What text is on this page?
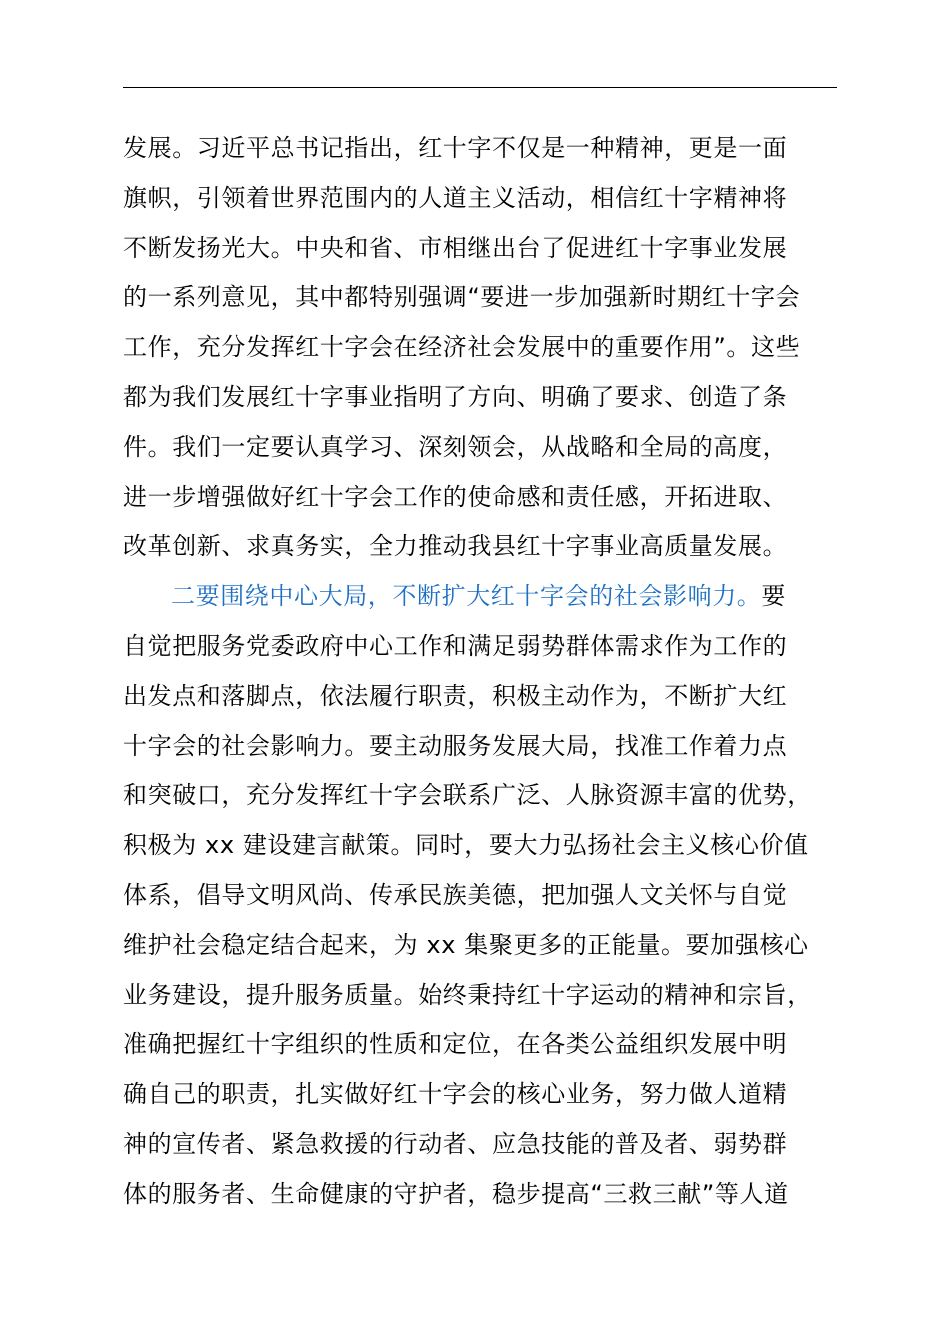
发展。习近平总书记指出，红十字不仅是一种精神，更是一面
旗帜，引领着世界范围内的人道主义活动，相信红十字精神将
不断发扬光大。中央和省、市相继出台了促进红十字事业发展
的一系列意见，其中都特别强调“要进一步加强新时期红十字会
工作，充分发挥红十字会在经济社会发展中的重要作用”。这些
都为我们发展红十字事业指明了方向、明确了要求、创造了条
件。我们一定要认真学习、深刻领会，从战略和全局的高度，
进一步增强做好红十字会工作的使命感和责任感，开拓进取、
改革创新、求真务实，全力推动我县红十字事业高质量发展。
二要围绕中心大局，不断扩大红十字会的社会影响力。要
自觉把服务党委政府中心工作和满足弱势群体需求作为工作的
出发点和落脚点，依法履行职责，积极主动作为，不断扩大红
十字会的社会影响力。要主动服务发展大局，找准工作着力点
和突破口，充分发挥红十字会联系广泛、人脉资源丰富的优势，
积极为 xx 建设建言献策。同时，要大力弘扬社会主义核心价值
体系，倡导文明风尚、传承民族美德，把加强人文关怀与自觉
维护社会稳定结合起来，为 xx 集聚更多的正能量。要加强核心
业务建设，提升服务质量。始终秉持红十字运动的精神和宗旨，
准确把握红十字组织的性质和定位，在各类公益组织发展中明
确自己的职责，扎实做好红十字会的核心业务，努力做人道精
神的宣传者、紧急救援的行动者、应急技能的普及者、弱势群
体的服务者、生命健康的守护者，稳步提高“三救三献”等人道
